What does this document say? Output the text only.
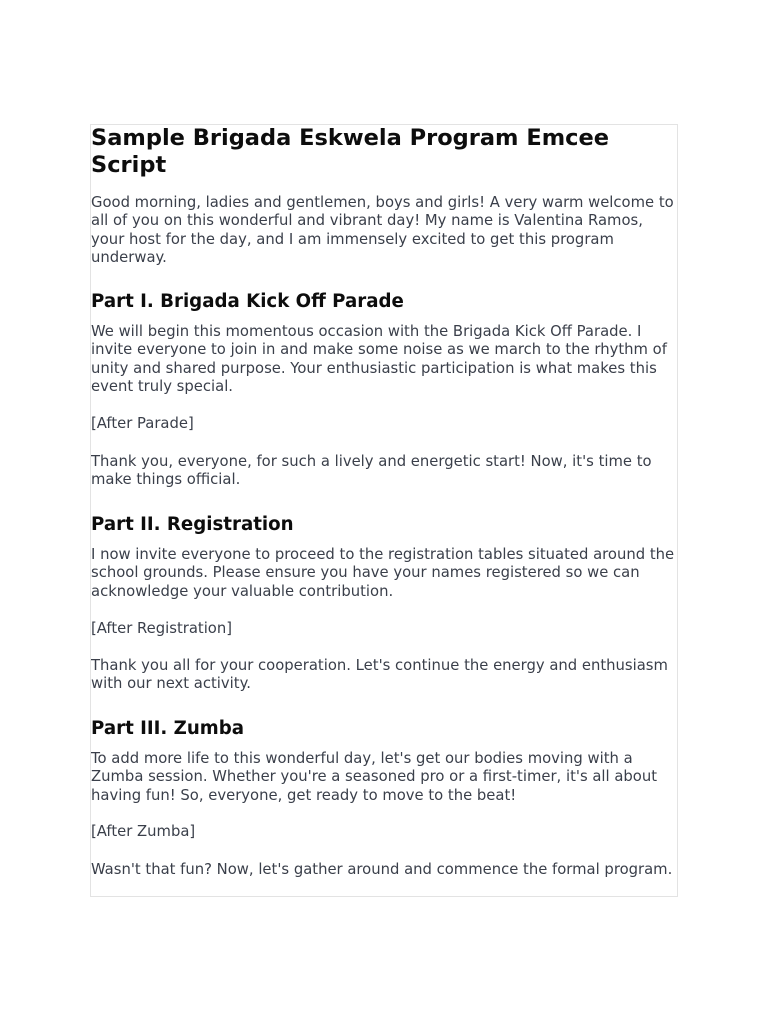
Sample Brigada Eskwela Program Emcee Script

Good morning, ladies and gentlemen, boys and girls! A very warm welcome to all of you on this wonderful and vibrant day! My name is Valentina Ramos, your host for the day, and I am immensely excited to get this program underway.

Part I. Brigada Kick Off Parade

We will begin this momentous occasion with the Brigada Kick Off Parade. I invite everyone to join in and make some noise as we march to the rhythm of unity and shared purpose. Your enthusiastic participation is what makes this event truly special.

[After Parade]

Thank you, everyone, for such a lively and energetic start! Now, it's time to make things official.

Part II. Registration

I now invite everyone to proceed to the registration tables situated around the school grounds. Please ensure you have your names registered so we can acknowledge your valuable contribution.

[After Registration]

Thank you all for your cooperation. Let's continue the energy and enthusiasm with our next activity.

Part III. Zumba

To add more life to this wonderful day, let's get our bodies moving with a Zumba session. Whether you're a seasoned pro or a first-timer, it's all about having fun! So, everyone, get ready to move to the beat!

[After Zumba]

Wasn't that fun? Now, let's gather around and commence the formal program.
